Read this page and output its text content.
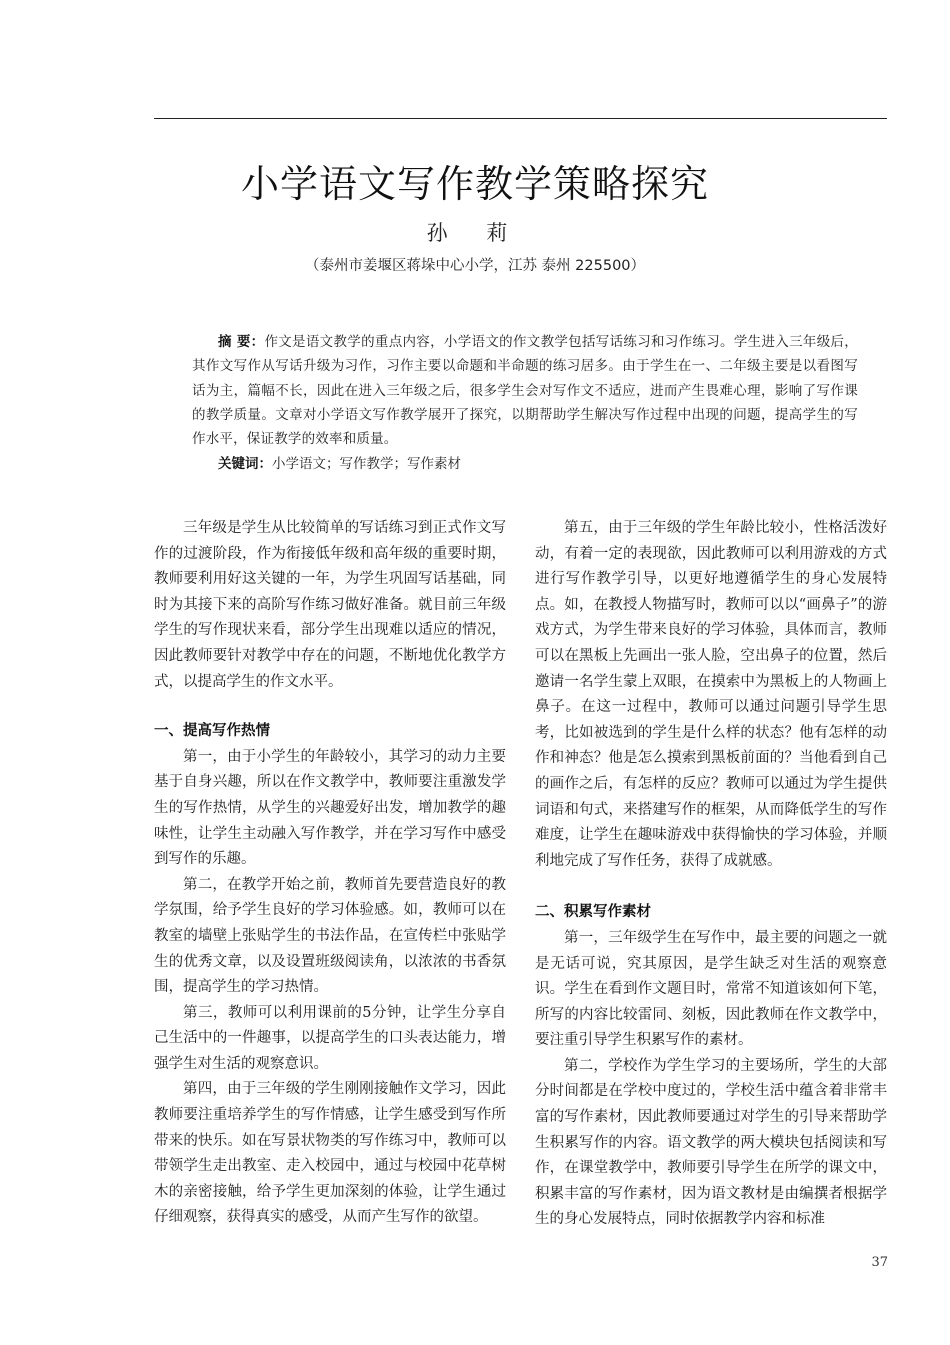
小学语文写作教学策略探究
孙 莉
（泰州市姜堰区蒋垛中心小学，江苏 泰州 225500）
摘 要：作文是语文教学的重点内容，小学语文的作文教学包括写话练习和习作练习。学生进入三年级后，其作文写作从写话升级为习作，习作主要以命题和半命题的练习居多。由于学生在一、二年级主要是以看图写话为主，篇幅不长，因此在进入三年级之后，很多学生会对写作文不适应，进而产生畏难心理，影响了写作课的教学质量。文章对小学语文写作教学展开了探究，以期帮助学生解决写作过程中出现的问题，提高学生的写作水平，保证教学的效率和质量。
关键词：小学语文；写作教学；写作素材

三年级是学生从比较简单的写话练习到正式作文写作的过渡阶段，作为衔接低年级和高年级的重要时期，教师要利用好这关键的一年，为学生巩固写话基础，同时为其接下来的高阶写作练习做好准备。就目前三年级学生的写作现状来看，部分学生出现难以适应的情况，因此教师要针对教学中存在的问题，不断地优化教学方式，以提高学生的作文水平。

一、提高写作热情

第一，由于小学生的年龄较小，其学习的动力主要基于自身兴趣，所以在作文教学中，教师要注重激发学生的写作热情，从学生的兴趣爱好出发，增加教学的趣味性，让学生主动融入写作教学，并在学习写作中感受到写作的乐趣。

第二，在教学开始之前，教师首先要营造良好的教学氛围，给予学生良好的学习体验感。如，教师可以在教室的墙壁上张贴学生的书法作品，在宣传栏中张贴学生的优秀文章，以及设置班级阅读角，以浓浓的书香氛围，提高学生的学习热情。

第三，教师可以利用课前的5分钟，让学生分享自己生活中的一件趣事，以提高学生的口头表达能力，增强学生对生活的观察意识。

第四，由于三年级的学生刚刚接触作文学习，因此教师要注重培养学生的写作情感，让学生感受到写作所带来的快乐。如在写景状物类的写作练习中，教师可以带领学生走出教室、走入校园中，通过与校园中花草树木的亲密接触，给予学生更加深刻的体验，让学生通过仔细观察，获得真实的感受，从而产生写作的欲望。

第五，由于三年级的学生年龄比较小，性格活泼好动，有着一定的表现欲，因此教师可以利用游戏的方式进行写作教学引导，以更好地遵循学生的身心发展特点。如，在教授人物描写时，教师可以以“画鼻子”的游戏方式，为学生带来良好的学习体验，具体而言，教师可以在黑板上先画出一张人脸，空出鼻子的位置，然后邀请一名学生蒙上双眼，在摸索中为黑板上的人物画上鼻子。在这一过程中，教师可以通过问题引导学生思考，比如被选到的学生是什么样的状态？他有怎样的动作和神态？他是怎么摸索到黑板前面的？当他看到自己的画作之后，有怎样的反应？教师可以通过为学生提供词语和句式，来搭建写作的框架，从而降低学生的写作难度，让学生在趣味游戏中获得愉快的学习体验，并顺利地完成了写作任务，获得了成就感。

二、积累写作素材

第一，三年级学生在写作中，最主要的问题之一就是无话可说，究其原因，是学生缺乏对生活的观察意识。学生在看到作文题目时，常常不知道该如何下笔，所写的内容比较雷同、刻板，因此教师在作文教学中，要注重引导学生积累写作的素材。

第二，学校作为学生学习的主要场所，学生的大部分时间都是在学校中度过的，学校生活中蕴含着非常丰富的写作素材，因此教师要通过对学生的引导来帮助学生积累写作的内容。语文教学的两大模块包括阅读和写作，在课堂教学中，教师要引导学生在所学的课文中，积累丰富的写作素材，因为语文教材是由编撰者根据学生的身心发展特点，同时依据教学内容和标准

37
